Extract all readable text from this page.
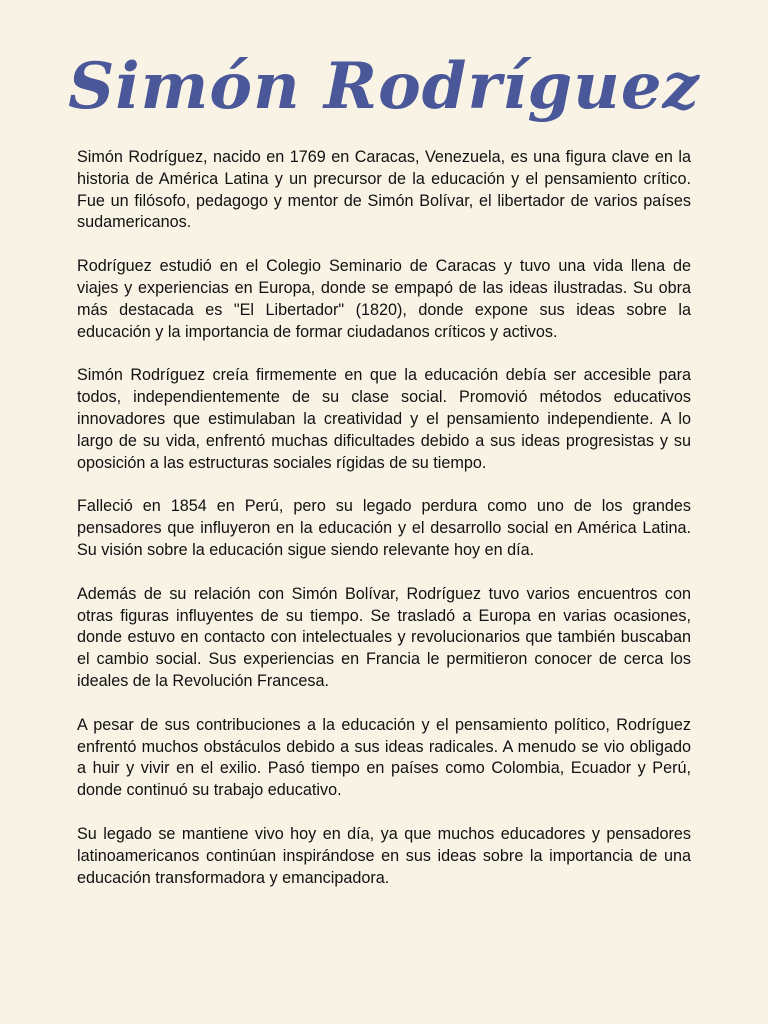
Simón Rodríguez

Simón Rodríguez, nacido en 1769 en Caracas, Venezuela, es una figura clave en la historia de América Latina y un precursor de la educación y el pensamiento crítico. Fue un filósofo, pedagogo y mentor de Simón Bolívar, el libertador de varios países sudamericanos.

Rodríguez estudió en el Colegio Seminario de Caracas y tuvo una vida llena de viajes y experiencias en Europa, donde se empapó de las ideas ilustradas. Su obra más destacada es "El Libertador" (1820), donde expone sus ideas sobre la educación y la importancia de formar ciudadanos críticos y activos.

Simón Rodríguez creía firmemente en que la educación debía ser accesible para todos, independientemente de su clase social. Promovió métodos educativos innovadores que estimulaban la creatividad y el pensamiento independiente. A lo largo de su vida, enfrentó muchas dificultades debido a sus ideas progresistas y su oposición a las estructuras sociales rígidas de su tiempo.

Falleció en 1854 en Perú, pero su legado perdura como uno de los grandes pensadores que influyeron en la educación y el desarrollo social en América Latina. Su visión sobre la educación sigue siendo relevante hoy en día.

Además de su relación con Simón Bolívar, Rodríguez tuvo varios encuentros con otras figuras influyentes de su tiempo. Se trasladó a Europa en varias ocasiones, donde estuvo en contacto con intelectuales y revolucionarios que también buscaban el cambio social. Sus experiencias en Francia le permitieron conocer de cerca los ideales de la Revolución Francesa.

A pesar de sus contribuciones a la educación y el pensamiento político, Rodríguez enfrentó muchos obstáculos debido a sus ideas radicales. A menudo se vio obligado a huir y vivir en el exilio. Pasó tiempo en países como Colombia, Ecuador y Perú, donde continuó su trabajo educativo.

Su legado se mantiene vivo hoy en día, ya que muchos educadores y pensadores latinoamericanos continúan inspirándose en sus ideas sobre la importancia de una educación transformadora y emancipadora.
